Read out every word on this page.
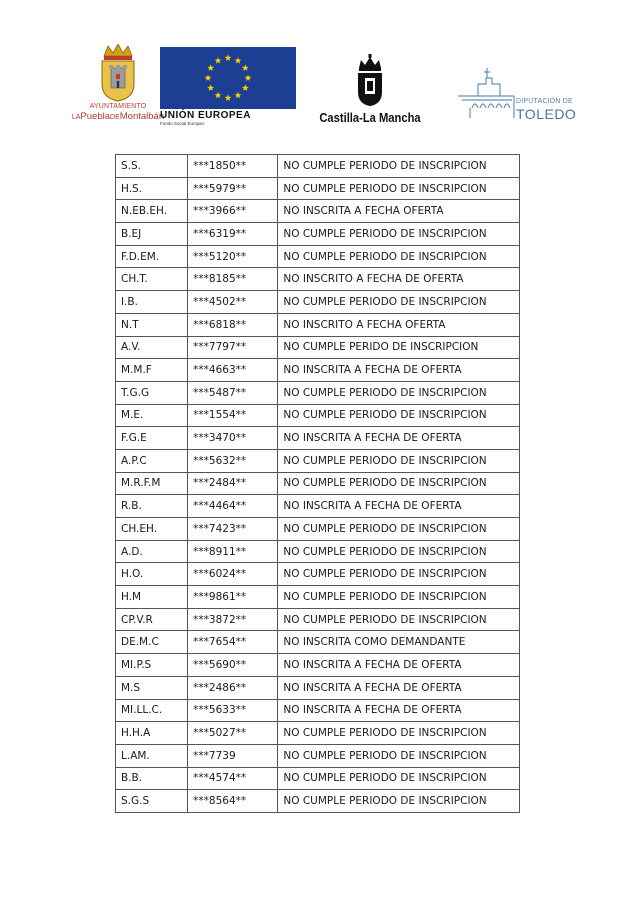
AYUNTAMIENTO
LAPueblaDEMontalbán
UNIÓN EUROPEA
Fondo Social Europeo	Castilla-La Mancha
DIPUTACIÓN DE
TOLEDO
S.S.	***1850**	NO CUMPLE PERIODO DE INSCRIPCION
H.S.	***5979**	NO CUMPLE PERIODO DE INSCRIPCION
N.EB.EH.	***3966**	NO INSCRITA A FECHA OFERTA
B.EJ	***6319**	NO CUMPLE PERIODO DE INSCRIPCION
F.D.EM.	***5120**	NO CUMPLE PERIODO DE INSCRIPCION
CH.T.	***8185**	NO INSCRITO A FECHA DE OFERTA
I.B.	***4502**	NO CUMPLE PERIODO DE INSCRIPCION
N.T	***6818**	NO INSCRITO A FECHA OFERTA
A.V.	***7797**	NO CUMPLE PERIDO DE INSCRIPCION
M.M.F	***4663**	NO INSCRITA A FECHA DE OFERTA
T.G.G	***5487**	NO CUMPLE PERIODO DE INSCRIPCION
M.E.	***1554**	NO CUMPLE PERIODO DE INSCRIPCION
F.G.E	***3470**	NO INSCRITA A FECHA DE OFERTA
A.P.C	***5632**	NO CUMPLE PERIODO DE INSCRIPCION
M.R.F.M	***2484**	NO CUMPLE PERIODO DE INSCRIPCION
R.B.	***4464**	NO INSCRITA A FECHA DE OFERTA
CH.EH.	***7423**	NO CUMPLE PERIODO DE INSCRIPCION
A.D.	***8911**	NO CUMPLE PERIODO DE INSCRIPCION
H.O.	***6024**	NO CUMPLE PERIODO DE INSCRIPCION
H.M	***9861**	NO CUMPLE PERIODO DE INSCRIPCION
CP.V.R	***3872**	NO CUMPLE PERIODO DE INSCRIPCION
DE.M.C	***7654**	NO INSCRITA COMO DEMANDANTE
MI.P.S	***5690**	NO INSCRITA A FECHA DE OFERTA
M.S	***2486**	NO INSCRITA A FECHA DE OFERTA
MI.LL.C.	***5633**	NO INSCRITA A FECHA DE OFERTA
H.H.A	***5027**	NO CUMPLE PERIODO DE INSCRIPCION
L.AM.	***7739	NO CUMPLE PERIODO DE INSCRIPCION
B.B.	***4574**	NO CUMPLE PERIODO DE INSCRIPCION
S.G.S	***8564**	NO CUMPLE PERIODO DE INSCRIPCION
